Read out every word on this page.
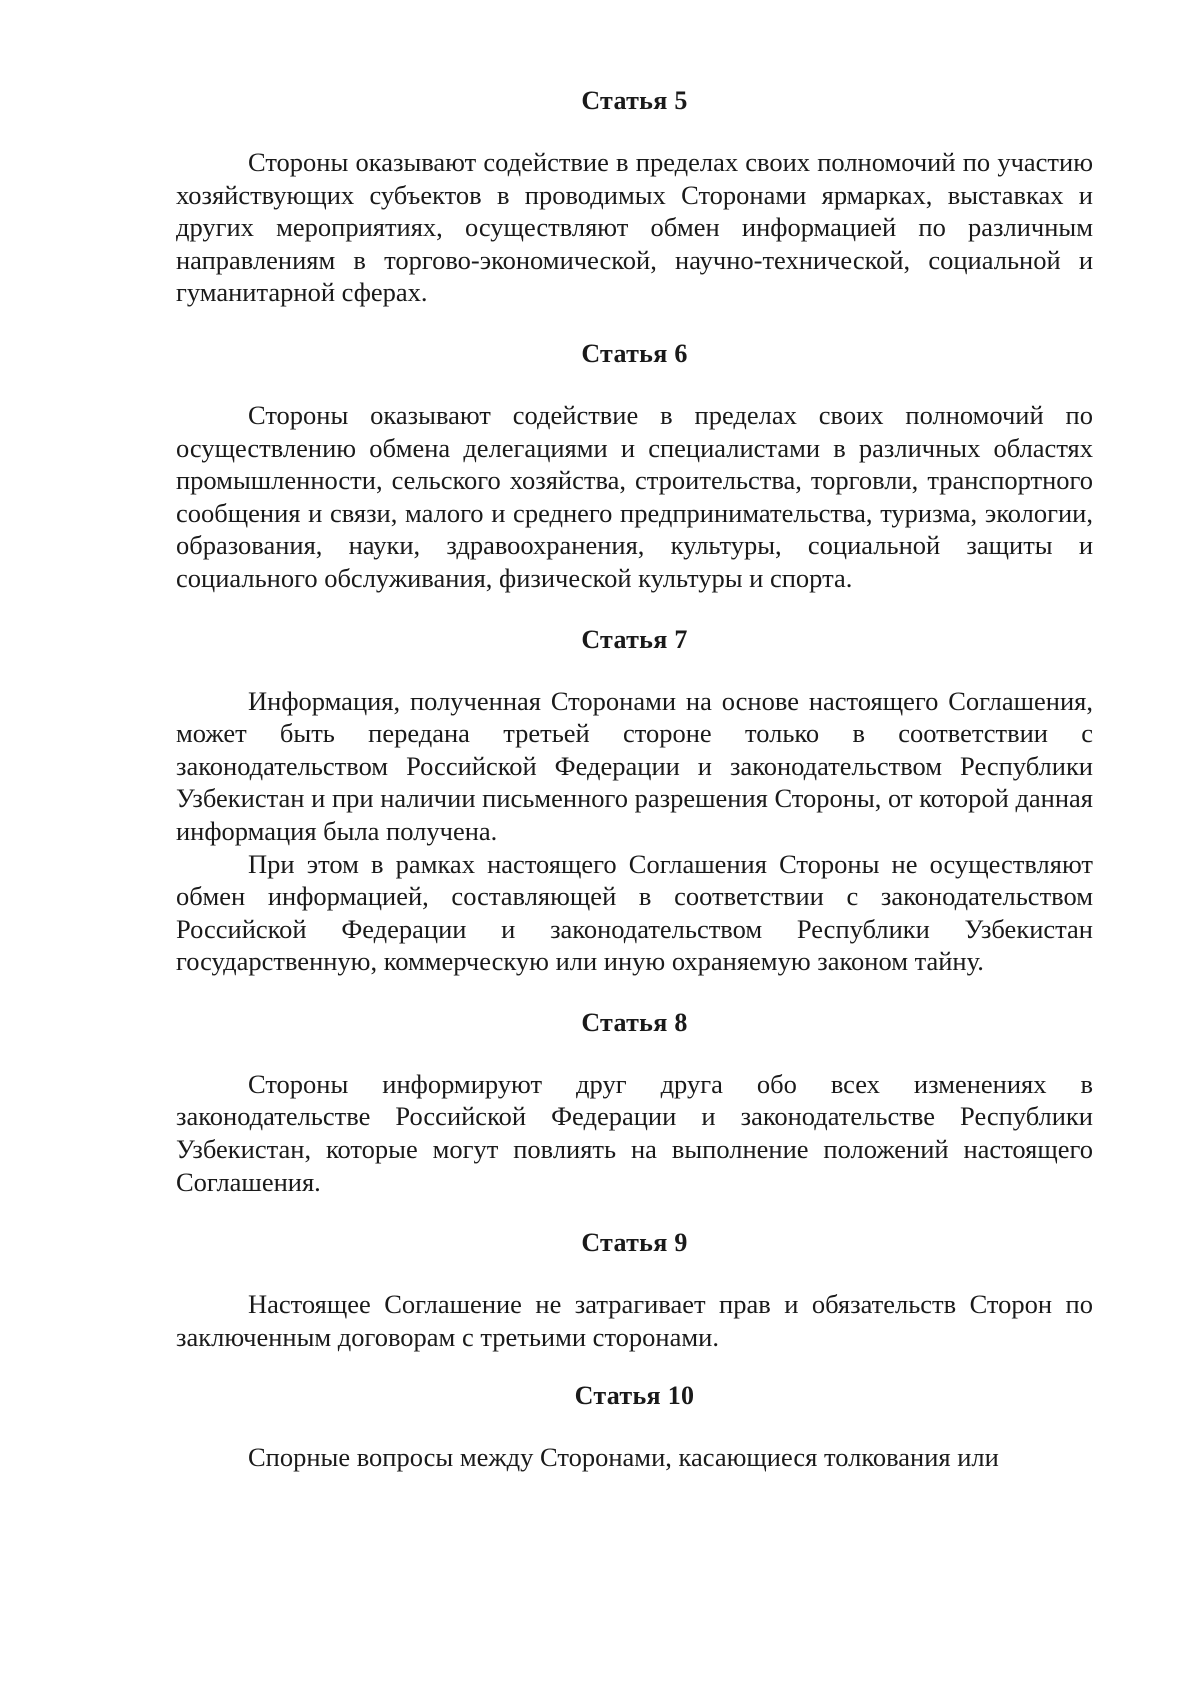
Статья 5

Стороны оказывают содействие в пределах своих полномочий по участию хозяйствующих субъектов в проводимых Сторонами ярмарках, выставках и других мероприятиях, осуществляют обмен информацией по различным направлениям в торгово-экономической, научно-технической, социальной и гуманитарной сферах.

Статья 6

Стороны оказывают содействие в пределах своих полномочий по осуществлению обмена делегациями и специалистами в различных областях промышленности, сельского хозяйства, строительства, торговли, транспортного сообщения и связи, малого и среднего предпринимательства, туризма, экологии, образования, науки, здравоохранения, культуры, социальной защиты и социального обслуживания, физической культуры и спорта.

Статья 7

Информация, полученная Сторонами на основе настоящего Соглашения, может быть передана третьей стороне только в соответствии с законодательством Российской Федерации и законодательством Республики Узбекистан и при наличии письменного разрешения Стороны, от которой данная информация была получена.

При этом в рамках настоящего Соглашения Стороны не осуществляют обмен информацией, составляющей в соответствии с законодательством Российской Федерации и законодательством Республики Узбекистан государственную, коммерческую или иную охраняемую законом тайну.

Статья 8

Стороны информируют друг друга обо всех изменениях в законодательстве Российской Федерации и законодательстве Республики Узбекистан, которые могут повлиять на выполнение положений настоящего Соглашения.

Статья 9

Настоящее Соглашение не затрагивает прав и обязательств Сторон по заключенным договорам с третьими сторонами.

Статья 10

Спорные вопросы между Сторонами, касающиеся толкования или
